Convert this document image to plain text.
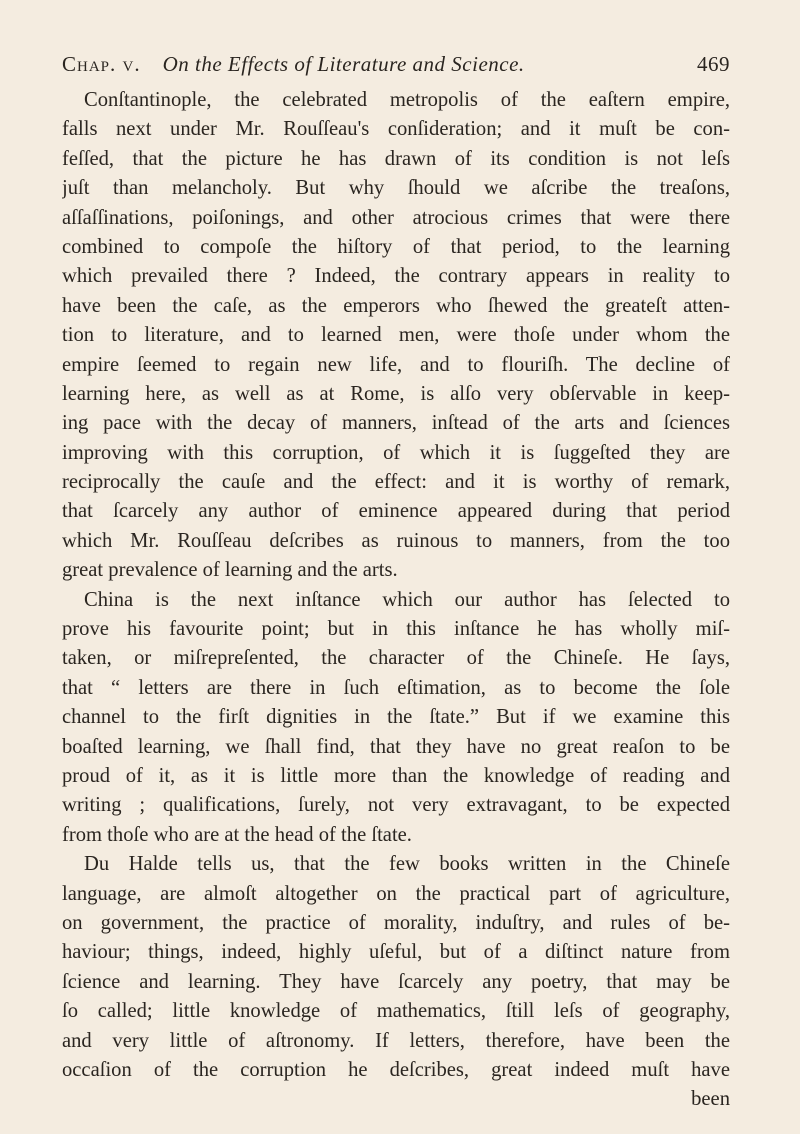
Chap. v. On the Effects of Literature and Science.	469
Conſtantinople, the celebrated metropolis of the eaſtern empire,
falls next under Mr. Rouſſeau's conſideration; and it muſt be con-
feſſed, that the picture he has drawn of its condition is not leſs
juſt than melancholy. But why ſhould we aſcribe the treaſons,
aſſaſſinations, poiſonings, and other atrocious crimes that were there
combined to compoſe the hiſtory of that period, to the learning
which prevailed there ? Indeed, the contrary appears in reality to
have been the caſe, as the emperors who ſhewed the greateſt atten-
tion to literature, and to learned men, were thoſe under whom the
empire ſeemed to regain new life, and to flouriſh. The decline of
learning here, as well as at Rome, is alſo very obſervable in keep-
ing pace with the decay of manners, inſtead of the arts and ſciences
improving with this corruption, of which it is ſuggeſted they are
reciprocally the cauſe and the effect: and it is worthy of remark,
that ſcarcely any author of eminence appeared during that period
which Mr. Rouſſeau deſcribes as ruinous to manners, from the too
great prevalence of learning and the arts.
China is the next inſtance which our author has ſelected to
prove his favourite point; but in this inſtance he has wholly miſ-
taken, or miſrepreſented, the character of the Chineſe. He ſays,
that “ letters are there in ſuch eſtimation, as to become the ſole
channel to the firſt dignities in the ſtate.” But if we examine this
boaſted learning, we ſhall find, that they have no great reaſon to be
proud of it, as it is little more than the knowledge of reading and
writing ; qualifications, ſurely, not very extravagant, to be expected
from thoſe who are at the head of the ſtate.
Du Halde tells us, that the few books written in the Chineſe
language, are almoſt altogether on the practical part of agriculture,
on government, the practice of morality, induſtry, and rules of be-
haviour; things, indeed, highly uſeful, but of a diſtinct nature from
ſcience and learning. They have ſcarcely any poetry, that may be
ſo called; little knowledge of mathematics, ſtill leſs of geography,
and very little of aſtronomy. If letters, therefore, have been the
occaſion of the corruption he deſcribes, great indeed muſt have
been
